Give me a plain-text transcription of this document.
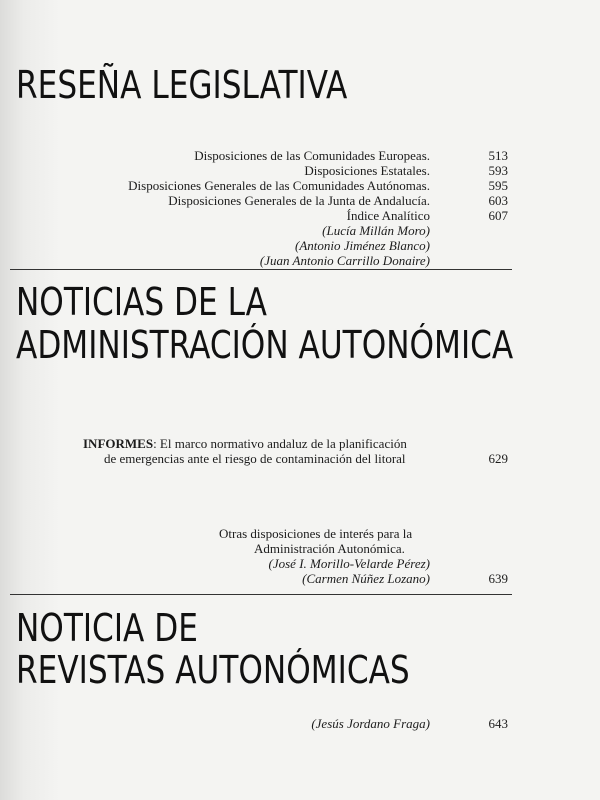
RESEÑA LEGISLATIVA
Disposiciones de las Comunidades Europeas.	513
Disposiciones Estatales.	593
Disposiciones Generales de las Comunidades Autónomas.	595
Disposiciones Generales de la Junta de Andalucía.	603
Índice Analítico	607
(Lucía Millán Moro)
(Antonio Jiménez Blanco)
(Juan Antonio Carrillo Donaire)
NOTICIAS DE LA
ADMINISTRACIÓN AUTONÓMICA
INFORMES: El marco normativo andaluz de la planificación
de emergencias ante el riesgo de contaminación del litoral	629
Otras disposiciones de interés para la
Administración Autonómica.
(José I. Morillo-Velarde Pérez)
(Carmen Núñez Lozano)	639
NOTICIA DE
REVISTAS AUTONÓMICAS
(Jesús Jordano Fraga)	643
